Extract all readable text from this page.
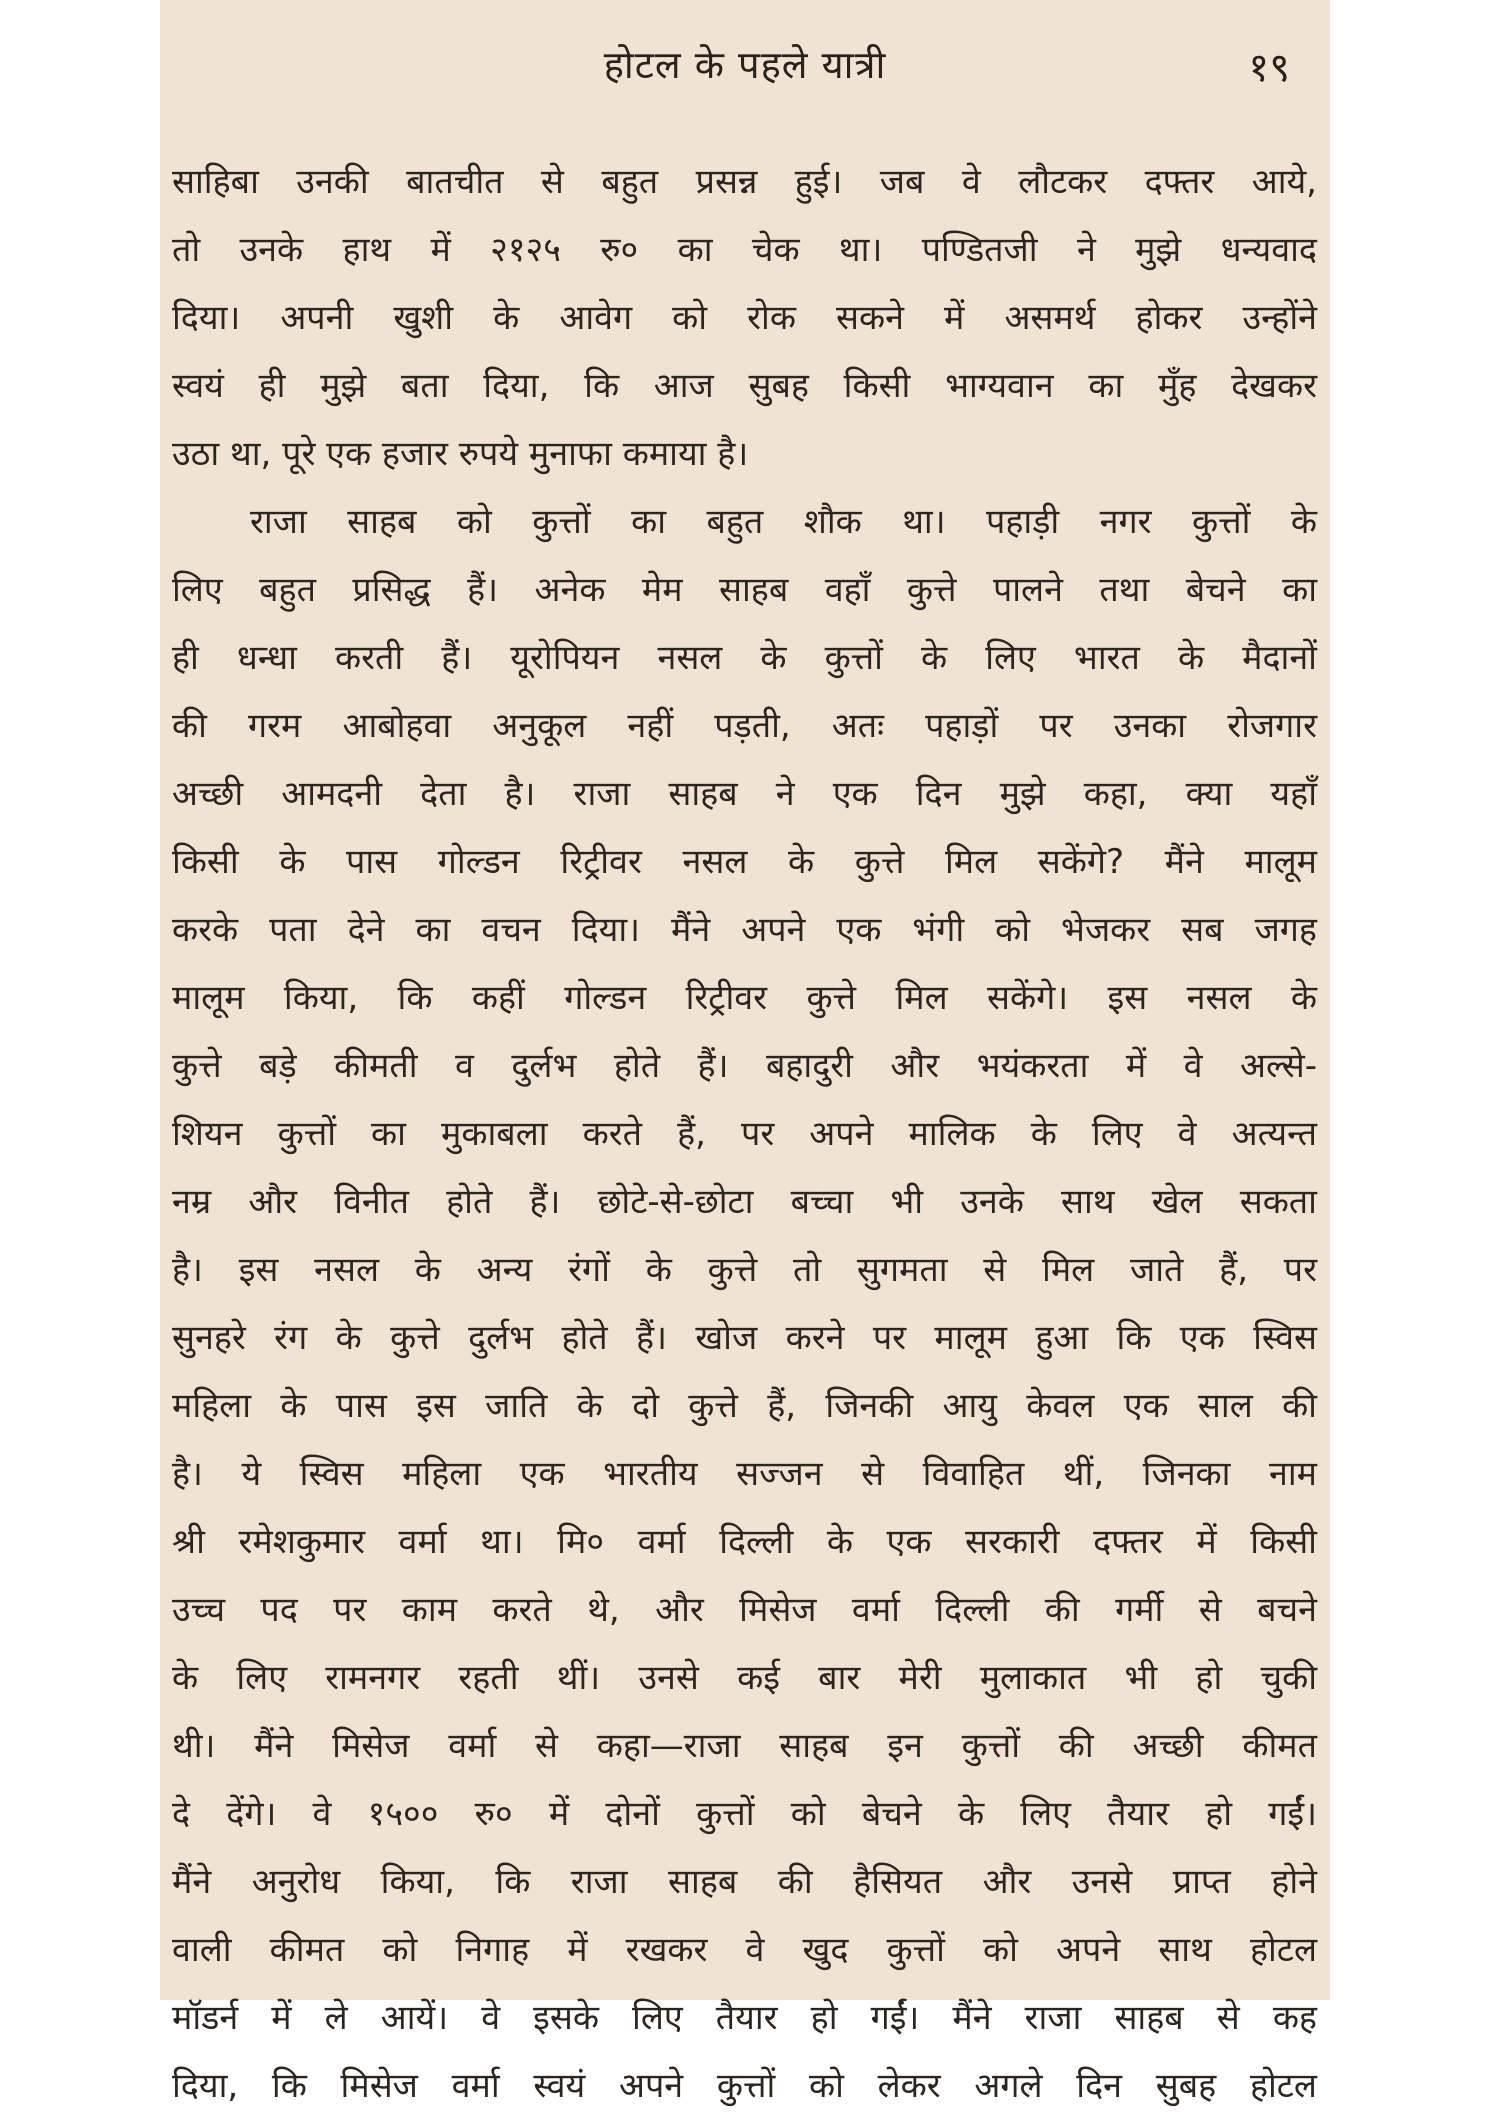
होटल के पहले यात्री	१९
साहिबा उनकी बातचीत से बहुत प्रसन्न हुई। जब वे लौटकर दफ्तर आये,
तो उनके हाथ में २१२५ रु० का चेक था। पण्डितजी ने मुझे धन्यवाद
दिया। अपनी खुशी के आवेग को रोक सकने में असमर्थ होकर उन्होंने
स्वयं ही मुझे बता दिया, कि आज सुबह किसी भाग्यवान का मुँह देखकर
उठा था, पूरे एक हजार रुपये मुनाफा कमाया है।
राजा साहब को कुत्तों का बहुत शौक था। पहाड़ी नगर कुत्तों के
लिए बहुत प्रसिद्ध हैं। अनेक मेम साहब वहाँ कुत्ते पालने तथा बेचने का
ही धन्धा करती हैं। यूरोपियन नसल के कुत्तों के लिए भारत के मैदानों
की गरम आबोहवा अनुकूल नहीं पड़ती, अतः पहाड़ों पर उनका रोजगार
अच्छी आमदनी देता है। राजा साहब ने एक दिन मुझे कहा, क्या यहाँ
किसी के पास गोल्डन रिट्रीवर नसल के कुत्ते मिल सकेंगे? मैंने मालूम
करके पता देने का वचन दिया। मैंने अपने एक भंगी को भेजकर सब जगह
मालूम किया, कि कहीं गोल्डन रिट्रीवर कुत्ते मिल सकेंगे। इस नसल के
कुत्ते बड़े कीमती व दुर्लभ होते हैं। बहादुरी और भयंकरता में वे अल्से-
शियन कुत्तों का मुकाबला करते हैं, पर अपने मालिक के लिए वे अत्यन्त
नम्र और विनीत होते हैं। छोटे-से-छोटा बच्चा भी उनके साथ खेल सकता
है। इस नसल के अन्य रंगों के कुत्ते तो सुगमता से मिल जाते हैं, पर
सुनहरे रंग के कुत्ते दुर्लभ होते हैं। खोज करने पर मालूम हुआ कि एक स्विस
महिला के पास इस जाति के दो कुत्ते हैं, जिनकी आयु केवल एक साल की
है। ये स्विस महिला एक भारतीय सज्जन से विवाहित थीं, जिनका नाम
श्री रमेशकुमार वर्मा था। मि० वर्मा दिल्ली के एक सरकारी दफ्तर में किसी
उच्च पद पर काम करते थे, और मिसेज वर्मा दिल्ली की गर्मी से बचने
के लिए रामनगर रहती थीं। उनसे कई बार मेरी मुलाकात भी हो चुकी
थी। मैंने मिसेज वर्मा से कहा—राजा साहब इन कुत्तों की अच्छी कीमत
दे देंगे। वे १५०० रु० में दोनों कुत्तों को बेचने के लिए तैयार हो गईं।
मैंने अनुरोध किया, कि राजा साहब की हैसियत और उनसे प्राप्त होने
वाली कीमत को निगाह में रखकर वे खुद कुत्तों को अपने साथ होटल
मॉडर्न में ले आयें। वे इसके लिए तैयार हो गईं। मैंने राजा साहब से कह
दिया, कि मिसेज वर्मा स्वयं अपने कुत्तों को लेकर अगले दिन सुबह होटल
